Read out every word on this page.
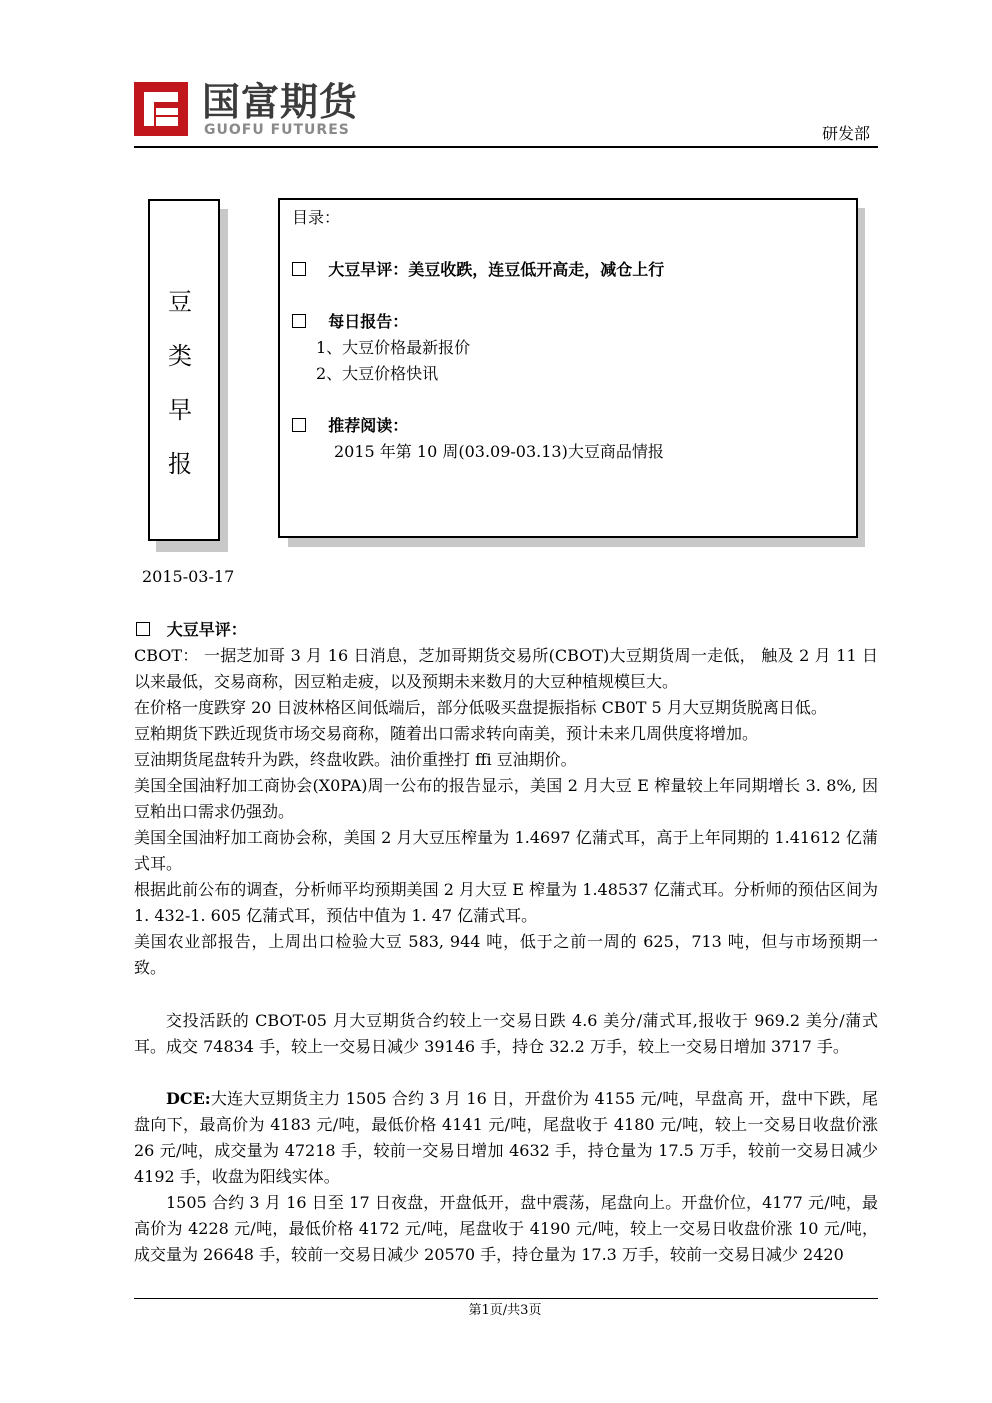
国富期货
GUOFU FUTURES	研发部
豆
类
早
报
目录：
大豆早评：美豆收跌，连豆低开高走，减仓上行
每日报告：
1、大豆价格最新报价
2、大豆价格快讯
推荐阅读：
2015 年第 10 周(03.09-03.13)大豆商品情报
2015-03-17
大豆早评：

CBOT： 一据芝加哥 3 月 16 日消息，芝加哥期货交易所(CBOT)大豆期货周一走低， 触及 2 月 11 日以来最低，交易商称，因豆粕走疲，以及预期未来数月的大豆种植规模巨大。

在价格一度跌穿 20 日波林格区间低端后，部分低吸买盘提振指标 CB0T 5 月大豆期货脱离日低。

豆粕期货下跌近现货市场交易商称，随着出口需求转向南美，预计未来几周供度将增加。

豆油期货尾盘转升为跌，终盘收跌。油价重挫打 ffi 豆油期价。

美国全国油籽加工商协会(X0PA)周一公布的报告显示，美国 2 月大豆 E 榨量较上年同期增长 3. 8%, 因豆粕出口需求仍强劲。

美国全国油籽加工商协会称，美国 2 月大豆压榨量为 1.4697 亿蒲式耳，高于上年同期的 1.41612 亿蒲式耳。

根据此前公布的调查，分析师平均预期美国 2 月大豆 E 榨量为 1.48537 亿蒲式耳。分析师的预估区间为 1. 432-1. 605 亿蒲式耳，预估中值为 1. 47 亿蒲式耳。

美国农业部报告，上周出口检验大豆 583, 944 吨，低于之前一周的 625，713 吨，但与市场预期一致。

交投活跃的 CBOT-05 月大豆期货合约较上一交易日跌 4.6 美分/蒲式耳,报收于 969.2 美分/蒲式耳。成交 74834 手，较上一交易日减少 39146 手，持仓 32.2 万手，较上一交易日增加 3717 手。

DCE:大连大豆期货主力 1505 合约 3 月 16 日，开盘价为 4155 元/吨，早盘高 开，盘中下跌，尾盘向下，最高价为 4183 元/吨，最低价格 4141 元/吨，尾盘收于 4180 元/吨，较上一交易日收盘价涨 26 元/吨，成交量为 47218 手，较前一交易日增加 4632 手，持仓量为 17.5 万手，较前一交易日减少 4192 手，收盘为阳线实体。

1505 合约 3 月 16 日至 17 日夜盘，开盘低开，盘中震荡，尾盘向上。开盘价位，4177 元/吨，最高价为 4228 元/吨，最低价格 4172 元/吨，尾盘收于 4190 元/吨，较上一交易日收盘价涨 10 元/吨，成交量为 26648 手，较前一交易日减少 20570 手，持仓量为 17.3 万手，较前一交易日减少 2420

第1页/共3页
